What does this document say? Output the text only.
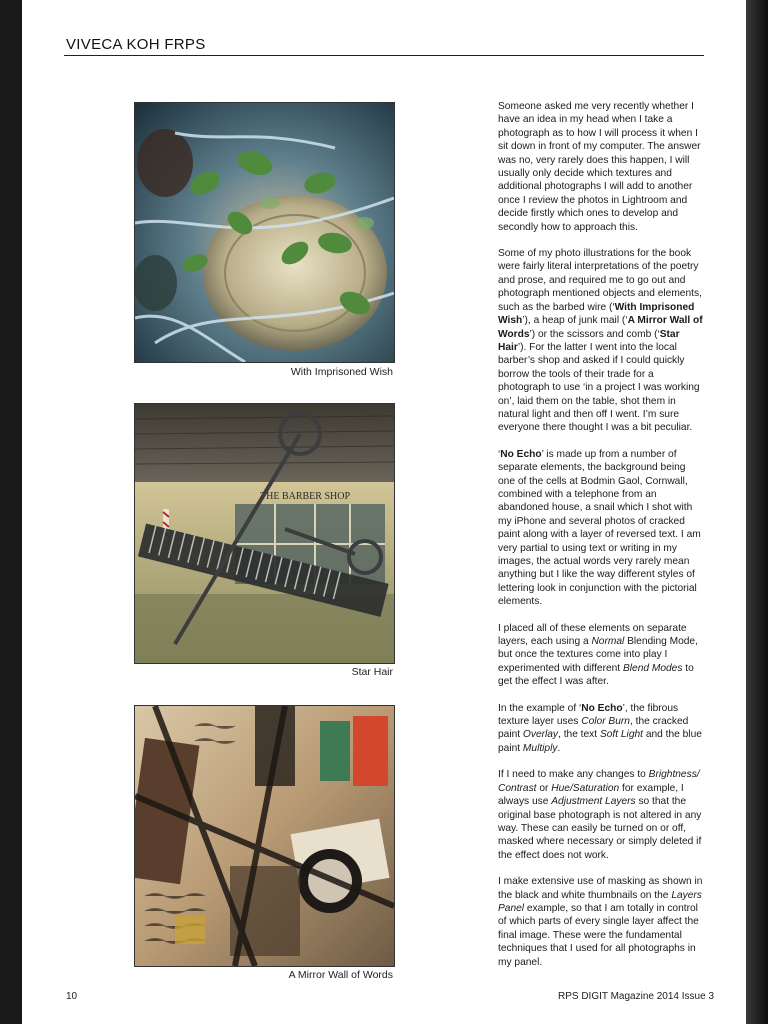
VIVECA KOH FRPS
With Imprisoned Wish
THE BARBER SHOP
Star Hair
A Mirror Wall of Words

Someone asked me very recently whether I have an idea in my head when I take a photograph as to how I will process it when I sit down in front of my computer. The answer was no, very rarely does this happen, I will usually only decide which textures and additional photographs I will add to another once I review the photos in Lightroom and decide firstly which ones to develop and secondly how to approach this.

Some of my photo illustrations for the book were fairly literal interpretations of the poetry and prose, and required me to go out and photograph mentioned objects and elements, such as the barbed wire (‘With Imprisoned Wish’), a heap of junk mail (‘A Mirror Wall of Words’) or the scissors and comb (‘Star Hair’). For the latter I went into the local barber’s shop and asked if I could quickly borrow the tools of their trade for a photograph to use ‘in a project I was working on’, laid them on the table, shot them in natural light and then off I went. I’m sure everyone there thought I was a bit peculiar.

‘No Echo’ is made up from a number of separate elements, the background being one of the cells at Bodmin Gaol, Cornwall, combined with a telephone from an abandoned house, a snail which I shot with my iPhone and several photos of cracked paint along with a layer of reversed text. I am very partial to using text or writing in my images, the actual words very rarely mean anything but I like the way different styles of lettering look in conjunction with the pictorial elements.

I placed all of these elements on separate layers, each using a Normal Blending Mode, but once the textures come into play I experimented with different Blend Modes to get the effect I was after.

In the example of ‘No Echo’, the fibrous texture layer uses Color Burn, the cracked paint Overlay, the text Soft Light and the blue paint Multiply.

If I need to make any changes to Brightness/ Contrast or Hue/Saturation for example, I always use Adjustment Layers so that the original base photograph is not altered in any way. These can easily be turned on or off, masked where necessary or simply deleted if the effect does not work.

I make extensive use of masking as shown in the black and white thumbnails on the Layers Panel example, so that I am totally in control of which parts of every single layer affect the final image. These were the fundamental techniques that I used for all photographs in my panel.

10	RPS DIGIT Magazine 2014 Issue 3
